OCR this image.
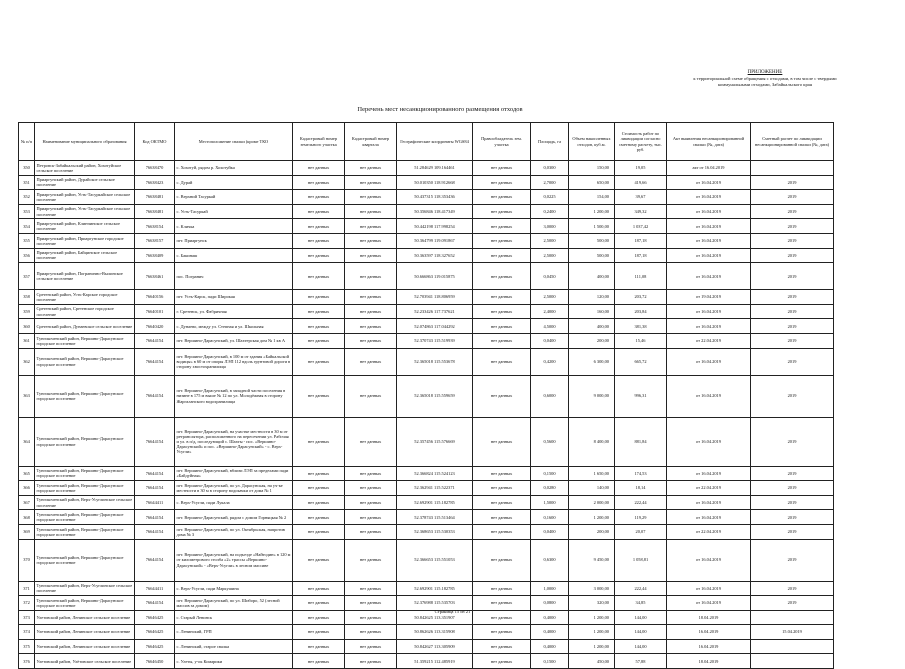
ПРИЛОЖЕНИЕ
к территориальной схеме обращения с отходами, в том числе с твердыми
коммунальными отходами, Забайкальского края
Перечень мест несанкционированного размещения отходов
№ п/п	Наименование муниципального образования	Код ОКТМО	Местоположение свалки (кроме ТКО	Кадастровый номер земельного участка	Кадастровый номер квартала	Географические координаты WGS84	Правообладатель зем. участка	Площадь, га	Объем накопленных отходов, куб.м.	Стоимость работ по ликвидации согласно сметному расчету, тыс. руб.	Акт выявления несанкционированной свалки (№, дата)	Сметный расчет по ликвидации несанкционированной свалки (№, дата)
350	Петровск-Забайкальский район, Хохотуйское сельское поселение	76638470	с. Хохотуй, рядом р. Хохотуйка	нет данных	нет данных	51.284629 109.164461	нет данных	0,0300	150,00	19,05	акт от 16.04.2019	
351	Приаргунский район, Дурайское сельское поселение	76638423	с. Дурай	нет данных	нет данных	50.010350 118.912668	нет данных	2,7000	650,00	419,66	от 16.04.2019	2019
352	Приаргунский район, Усть-Тасуркайское сельское поселение	76638481	с. Верхний Тасуркай	нет данных	нет данных	50.437315 118.353436	нет данных	0,0225	154,00	39,67	от 16.04.2019	2019
353	Приаргунский район, Усть-Тасуркайское сельское поселение	76638481	с. Усть-Тасуркай	нет данных	нет данных	50.356846 118.417349	нет данных	0,2400	1 200,00	349,32	от 16.04.2019	2019
354	Приаргунский район, Клинчинское сельское поселение	76638154	с. Кличка	нет данных	нет данных	50.442198 117.998254	нет данных	3,0000	1 500,00	1 037,42	от 16.04.2019	2019
355	Приаргунский район, Приаргунское городское поселение	76638157	пгт. Приаргунск	нет данных	нет данных	50.364799 119.091867	нет данных	2,5000	500,00	187,18	от 16.04.2019	2019
356	Приаргунский район, Байцинское сельское поселение	76638409	с. Бакинаш	нет данных	нет данных	50.363597 118.327652	нет данных	2,5000	500,00	187,18	от 16.04.2019	2019
357	Приаргунский район, Погранично-Вылинское сельское поселение	76638461	пос. Погранич	нет данных	нет данных	50.666863 119.015875	нет данных	0,0450	400,00	111,08	от 16.04.2019	2019
358	Сретенский район, Усть-Карское городское поселение	76640156	пгт. Усть-Карск, пади Широкая	нет данных	нет данных	52.703941 118.806959	нет данных	2,5000	120,00	203,72	от 19.04.2019	2019
359	Сретенский район, Сретенское городское поселение	76640101	г. Сретенск, ул. Фабричная	нет данных	нет данных	52.233426 117.737621	нет данных	2,4000	160,00	203,84	от 16.04.2019	2019
360	Сретенский район, Дунаевское сельское поселение	76640420	с. Дунаево, между ул. Степная и ул. Школьная	нет данных	нет данных	52.074863 117.044292	нет данных	4,5000	400,00	381,38	от 16.04.2019	2019
361	Тунгокоченский район, Вершино-Дарасунское городское поселение	76644154	пгт. Вершино-Дарасунский, ул. Шахтерская дом № 1 кв А	нет данных	нет данных	52.370743 115.519939	нет данных	0,0400	200,00	15,46	от 22.04.2019	2019
362	Тунгокоченский район, Вершино-Дарасунское городское поселение	76644154	пгт. Вершино-Дарасунский, в 100 м от здания «Байкальской водицы» в 60 м от опоры ЛЭП 112 вдоль грунтовой дороги в сторону хвостохранилища	нет данных	нет данных	52.365018 115.553678	нет данных	0,4200	6 300,00	665,72	от 16.04.2019	2019
363	Тунгокоченский район, Вершино-Дарасунское городское поселение	76644154	пгт. Вершино-Дарасунский, в западной части поселения в низине в 175 м выше № 12 по ул. Молодёжная в сторону Жаргаланского водохранилища	нет данных	нет данных	52.365018 115.559659	нет данных	0,6000	9 000,00	996,31	от 16.04.2019	2019
364	Тунгокоченский район, Вершино-Дарасунское городское поселение	76644154	пгт. Вершино-Дарасунский, на участке местности в 30 м от ретранслятора, расположенного на пересечении ул. Рабочая и ул. в п/д, последующий с. Шахты - пос. «Вершино-Дарасунский» и пос. «Вершино-Дарасунский» - с. Верх-Усугли»	нет данных	нет данных	52.357456 115.576669	нет данных	0,5600	8 400,00	881,84	от 16.04.2019	2019
365	Тунгокоченский район, Вершино-Дарасунское городское поселение	76644154	пгт. Вершино-Дарасунский, вблизи ЛЭП за пределами пади «Байдуйная»	нет данных	нет данных	52.366824 115.524123	нет данных	0,1500	1 650,00	174,53	от 16.04.2019	2019
366	Тунгокоченский район, Вершино-Дарасунское городское поселение	76644154	пгт. Вершино-Дарасунский, по ул. Дарасунская, на уч-ке местности в 30 м в сторону водокачки от дома № 1	нет данных	нет данных	52.362941 115.522371	нет данных	0,0280	140,00	18,14	от 22.04.2019	2019
367	Тунгокоченский район, Верх-Усуглинское сельское поселение	76644411	с. Верх-Усугли, пади Лукала	нет данных	нет данных	52.692901 115.182785	нет данных	1,5000	2 000,00	222,44	от 16.04.2019	2019
368	Тунгокоченский район, Вершино-Дарасунское городское поселение	76644154	пгт. Вершино-Дарасунский, рядом с домом Горняцкая № 2	нет данных	нет данных	52.378743 115.513464	нет данных	0,1600	1 200,00	119,29	от 16.04.2019	2019
369	Тунгокоченский район, Вершино-Дарасунское городское поселение	76644154	пгт. Вершино-Дарасунский, по ул. Октябрьская, напротив дома № 3	нет данных	нет данных	52.368653 115.530353	нет данных	0,0400	200,00	20,07	от 22.04.2019	2019
370	Тунгокоченский район, Вершино-Дарасунское городское поселение	76644154	пгт. Вершино-Дарасунский, на подъезде «Найтодин» в 120 м от километрового столба «2» трассы «Вершино-Дарасунский» - «Верх-Усугли» в лесном массиве	нет данных	нет данных	52.366653 115.551053	нет данных	0,6300	9 450,00	1 058,81	от 16.04.2019	2019
371	Тунгокоченский район, Верх-Усуглинское сельское поселение	76644411	с. Верх-Усугли, пади Маркушина	нет данных	нет данных	52.692901 115.182785	нет данных	1,0000	3 000,00	222,44	от 16.04.2019	2019
372	Тунгокоченский район, Вершино-Дарасунское городское поселение	76644154	пгт. Вершино-Дарасунский, по ул. Шиборо, 52 (лесной массив за домом)	нет данных	нет данных	52.376988 115.535703	нет данных	0,0800	320,00	34,85	от 16.04.2019	2019
373	Улетовский район, Ленинское сельское поселение	76646425	с. Старый Ленинск	нет данных	нет данных	50.842625 113.351907	нет данных	0,4000	1 200,00	144,00	18.04.2019	
374	Улетовский район, Ленинское сельское поселение	76646425	с. Ленинский, ГРП	нет данных	нет данных	50.862626 113.315908	нет данных	0,4000	1 200,00	144,00	16.04.2019	15.04.2019
375	Улетовский район, Ленинское сельское поселение	76646425	с. Ленинский, старое свалка	нет данных	нет данных	50.842627 113.305909	нет данных	0,4000	1 200,00	144,00	16.04.2019	
376	Улетовский район, Улётовское сельское поселение	76646450	с. Улеты, у-ок Комарики	нет данных	нет данных	51.359215 112.485919	нет данных	0,1500	450,00	57,88	18.04.2019	
Страница 15 из 21
